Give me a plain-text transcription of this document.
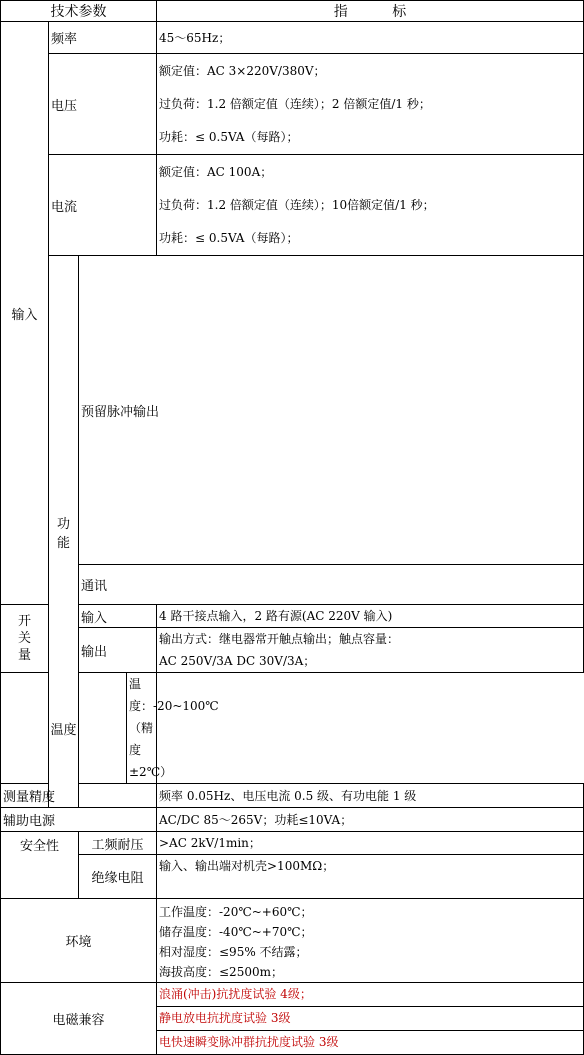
技术参数				指 标	
输入	频率			45～65Hz；	
	电压			额定值：AC 3×220V/380V；
过负荷：1.2 倍额定值（连续）；2 倍额定值/1 秒；
功耗：≤ 0.5VA（每路）；	

	电流			额定值：AC 100A；
过负荷：1.2 倍额定值（连续）；10倍额定值/1 秒；
功耗：≤ 0.5VA（每路）；	

	功能	预留脉冲输出	
		通讯	

开
关
量		输入		4 路干接点输入，2 路有源(AC 220V 输入)	
		输出		输出方式：继电器常开触点输出；触点容量：
AC 250V/3A DC 30V/3A；	

温度			温度：-20~100℃（精度±2℃）		
测量精度				频率 0.05Hz、电压电流 0.5 级、有功电能 1 级	
辅助电源				AC/DC 85～265V；功耗≤10VA；	
安全性		工频耐压		>AC 2kV/1min；	
		绝缘电阻		输入、输出端对机壳>100MΩ；	
环境				工作温度：-20℃~+60℃；
储存温度：-40℃~+70℃；
相对湿度：≤95% 不结露；
海拔高度：≤2500m；	

电磁兼容				浪涌(冲击)抗扰度试验 4级；
静电放电抗扰度试验 3级
电快速瞬变脉冲群抗扰度试验 3级	
